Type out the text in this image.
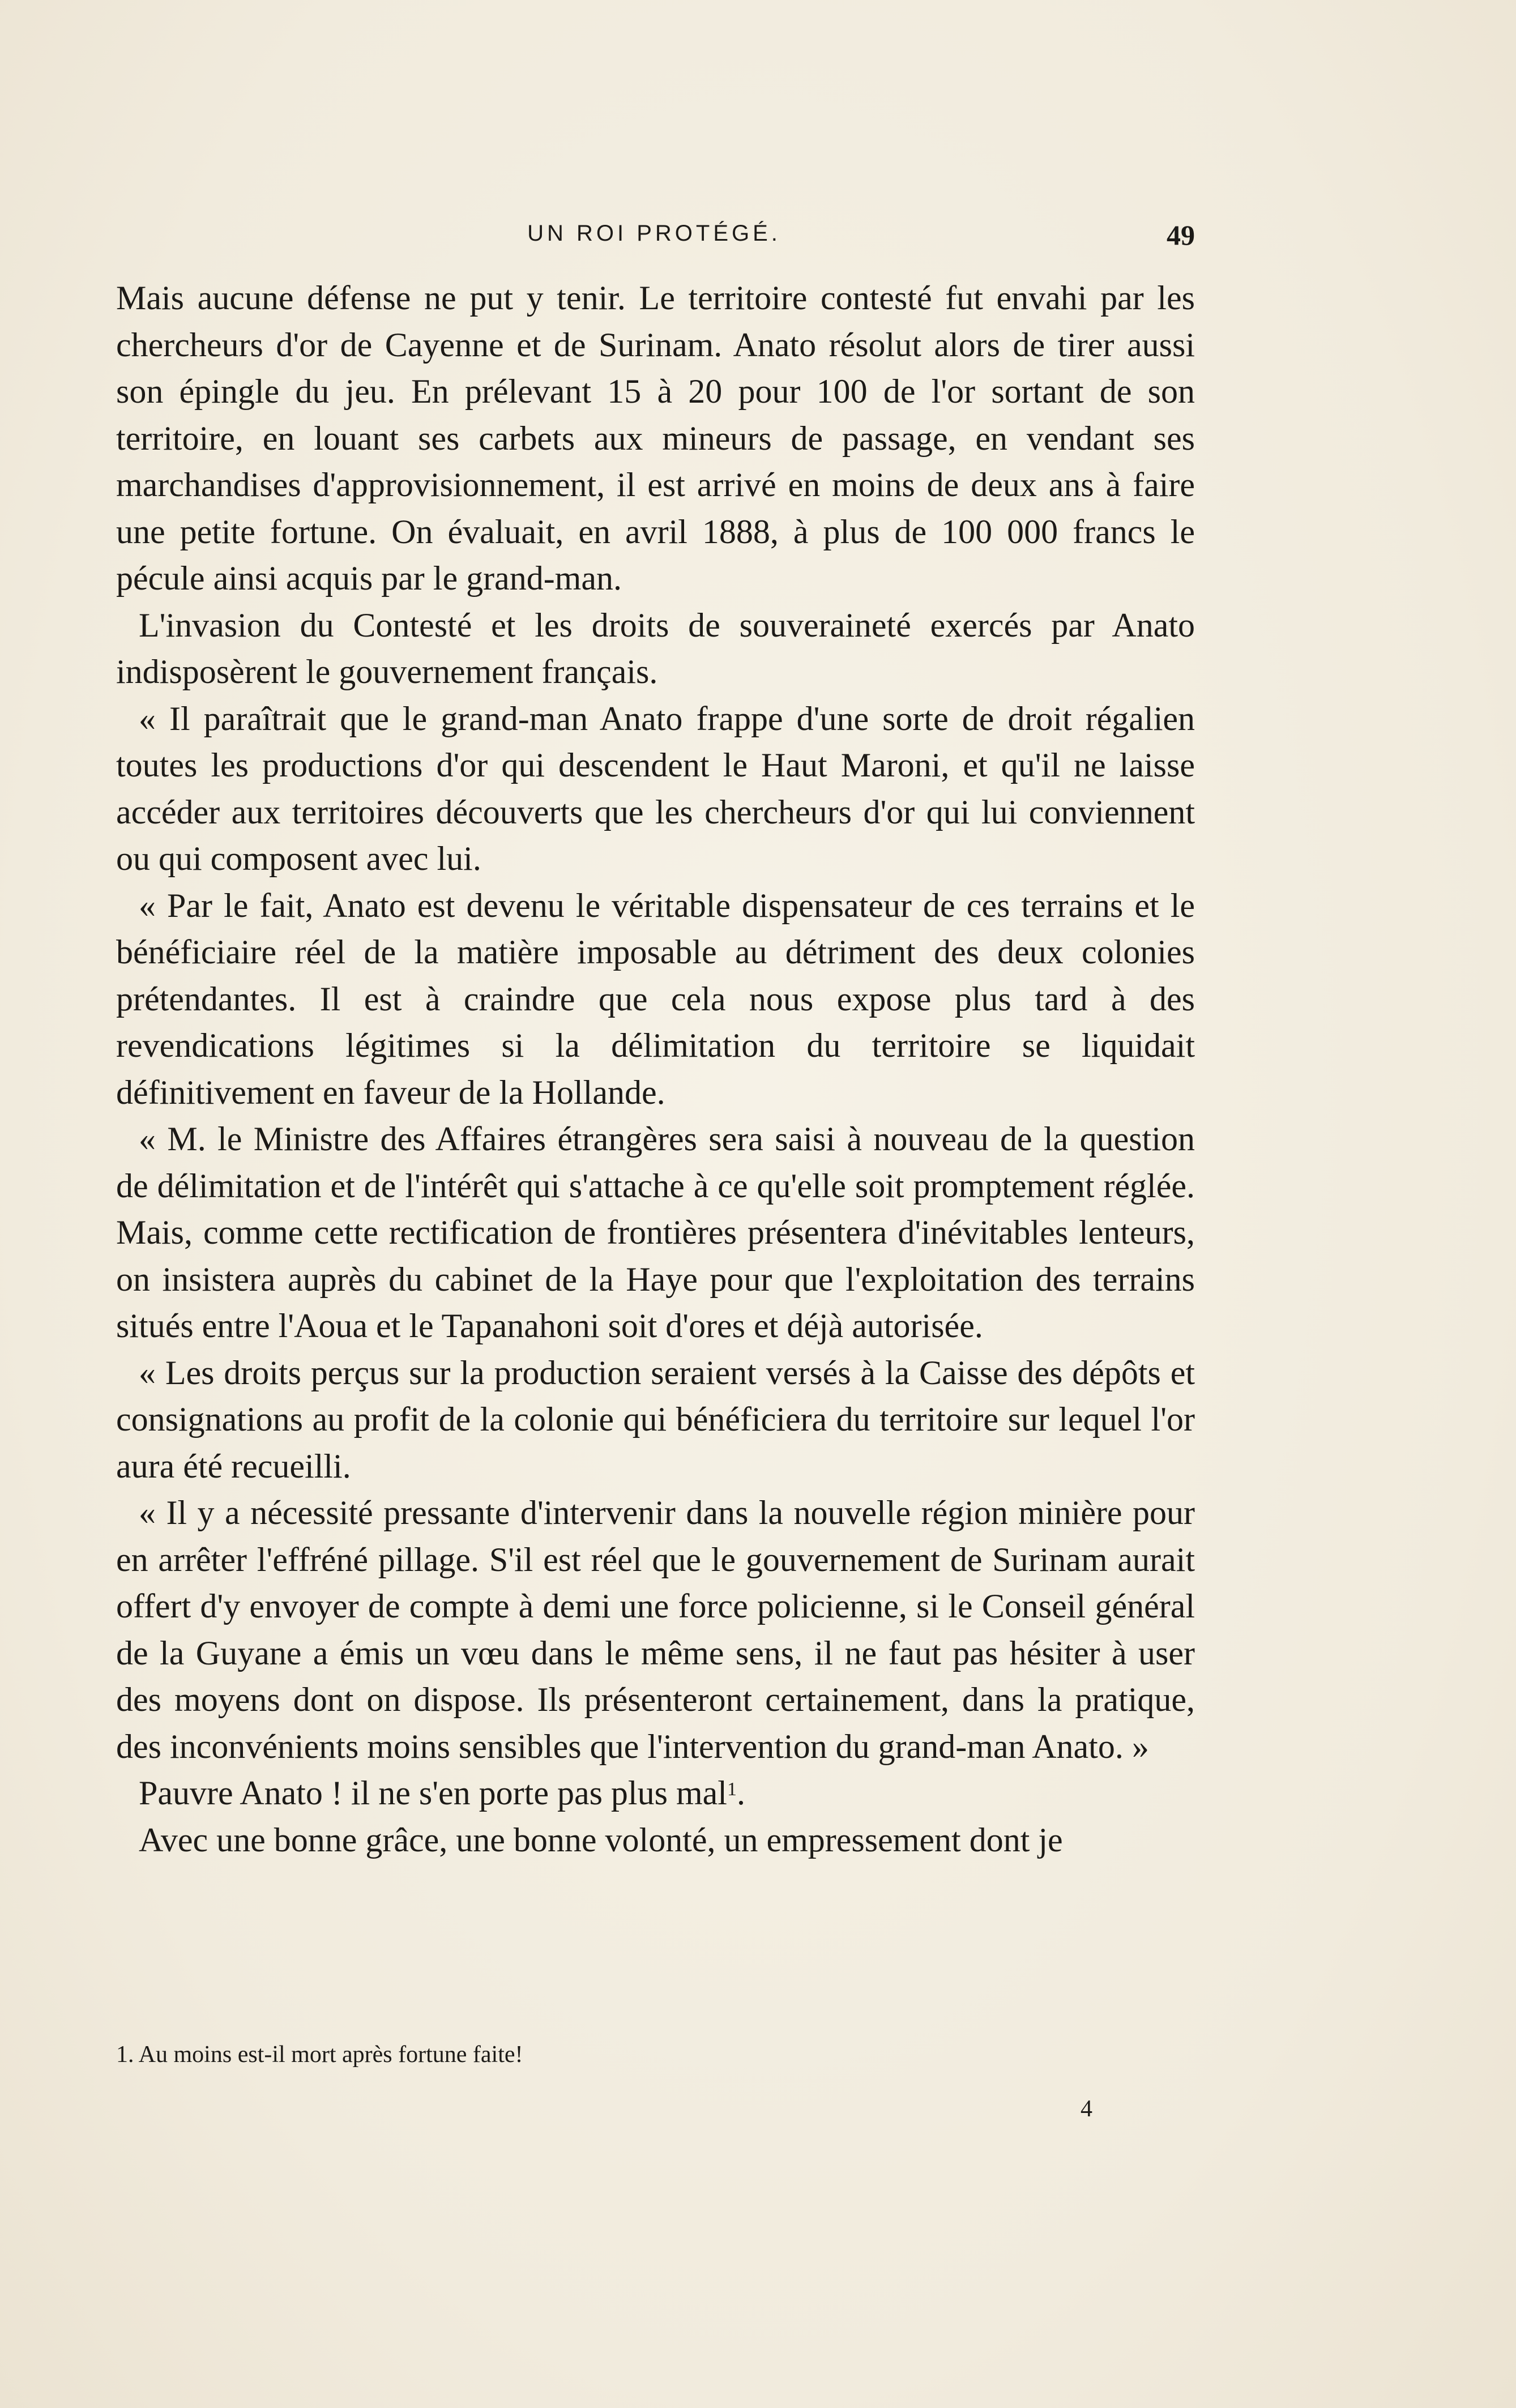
UN ROI PROTÉGÉ.	49

Mais aucune défense ne put y tenir. Le territoire contesté fut envahi par les chercheurs d'or de Cayenne et de Surinam. Anato résolut alors de tirer aussi son épingle du jeu. En prélevant 15 à 20 pour 100 de l'or sortant de son territoire, en louant ses carbets aux mineurs de passage, en vendant ses marchandises d'approvisionnement, il est arrivé en moins de deux ans à faire une petite fortune. On évaluait, en avril 1888, à plus de 100 000 francs le pécule ainsi acquis par le grand-man.

L'invasion du Contesté et les droits de souveraineté exercés par Anato indisposèrent le gouvernement français.

« Il paraîtrait que le grand-man Anato frappe d'une sorte de droit régalien toutes les productions d'or qui descendent le Haut Maroni, et qu'il ne laisse accéder aux territoires découverts que les chercheurs d'or qui lui conviennent ou qui composent avec lui.

« Par le fait, Anato est devenu le véritable dispensateur de ces terrains et le bénéficiaire réel de la matière imposable au détriment des deux colonies prétendantes. Il est à craindre que cela nous expose plus tard à des revendications légitimes si la délimitation du territoire se liquidait définitivement en faveur de la Hollande.

« M. le Ministre des Affaires étrangères sera saisi à nouveau de la question de délimitation et de l'intérêt qui s'attache à ce qu'elle soit promptement réglée. Mais, comme cette rectification de frontières présentera d'inévitables lenteurs, on insistera auprès du cabinet de la Haye pour que l'exploitation des terrains situés entre l'Aoua et le Tapanahoni soit d'ores et déjà autorisée.

« Les droits perçus sur la production seraient versés à la Caisse des dépôts et consignations au profit de la colonie qui bénéficiera du territoire sur lequel l'or aura été recueilli.

« Il y a nécessité pressante d'intervenir dans la nouvelle région minière pour en arrêter l'effréné pillage. S'il est réel que le gouvernement de Surinam aurait offert d'y envoyer de compte à demi une force policienne, si le Conseil général de la Guyane a émis un vœu dans le même sens, il ne faut pas hésiter à user des moyens dont on dispose. Ils présenteront certainement, dans la pratique, des inconvénients moins sensibles que l'intervention du grand-man Anato. »

Pauvre Anato ! il ne s'en porte pas plus mal$^1$.

Avec une bonne grâce, une bonne volonté, un empressement dont je

1. Au moins est-il mort après fortune faite!
4
